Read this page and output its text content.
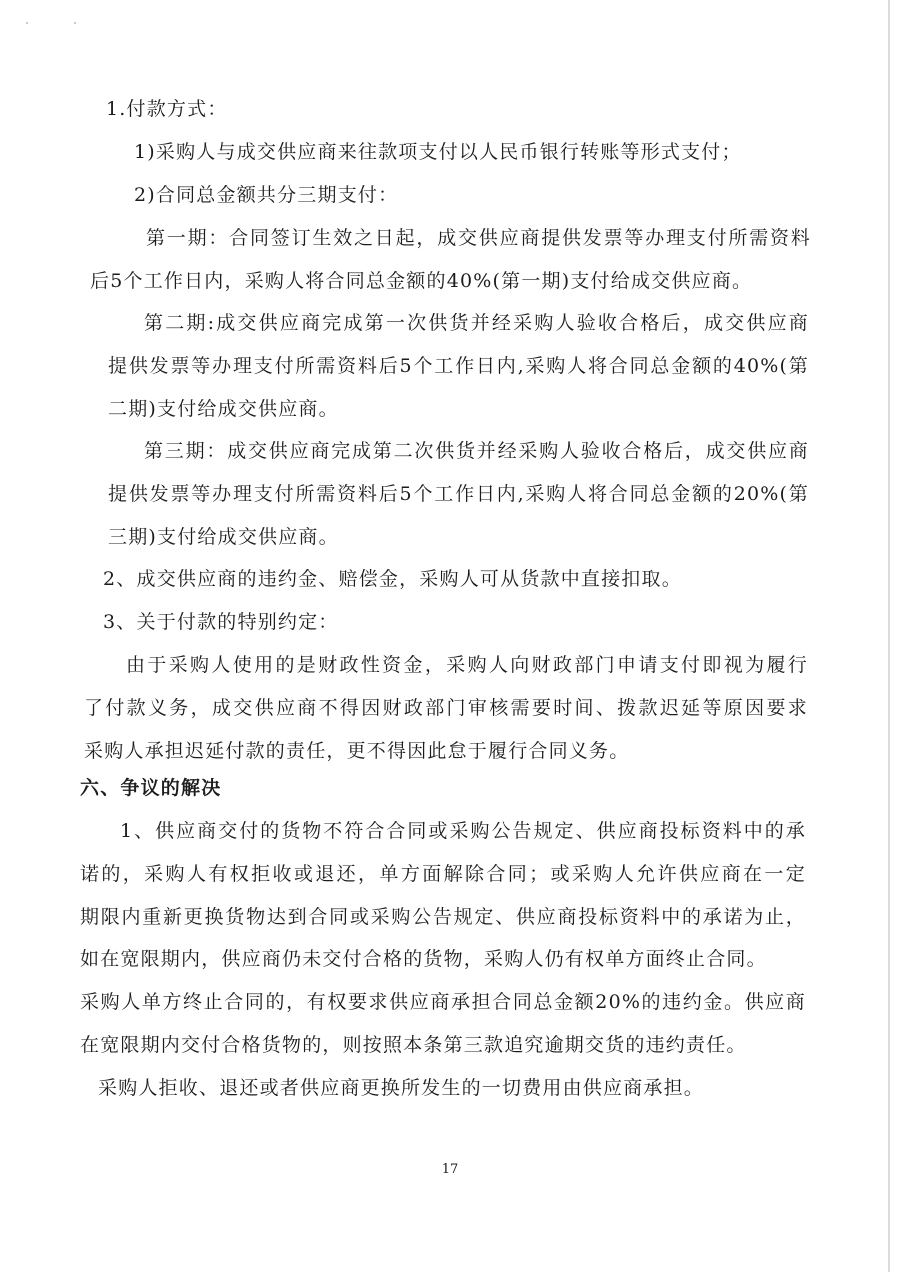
1.付款方式：
1)采购人与成交供应商来往款项支付以人民币银行转账等形式支付；
2)合同总金额共分三期支付：
第一期：合同签订生效之日起，成交供应商提供发票等办理支付所需资料
后5个工作日内，采购人将合同总金额的40%(第一期)支付给成交供应商。
第二期:成交供应商完成第一次供货并经采购人验收合格后，成交供应商
提供发票等办理支付所需资料后5个工作日内,采购人将合同总金额的40%(第
二期)支付给成交供应商。
第三期：成交供应商完成第二次供货并经采购人验收合格后，成交供应商
提供发票等办理支付所需资料后5个工作日内,采购人将合同总金额的20%(第
三期)支付给成交供应商。
2、成交供应商的违约金、赔偿金，采购人可从货款中直接扣取。
3、关于付款的特别约定：
由于采购人使用的是财政性资金，采购人向财政部门申请支付即视为履行
了付款义务，成交供应商不得因财政部门审核需要时间、拨款迟延等原因要求
采购人承担迟延付款的责任，更不得因此怠于履行合同义务。
六、争议的解决
1、供应商交付的货物不符合合同或采购公告规定、供应商投标资料中的承
诺的，采购人有权拒收或退还，单方面解除合同；或采购人允许供应商在一定
期限内重新更换货物达到合同或采购公告规定、供应商投标资料中的承诺为止，
如在宽限期内，供应商仍未交付合格的货物，采购人仍有权单方面终止合同。
采购人单方终止合同的，有权要求供应商承担合同总金额20%的违约金。供应商
在宽限期内交付合格货物的，则按照本条第三款追究逾期交货的违约责任。
采购人拒收、退还或者供应商更换所发生的一切费用由供应商承担。
17
